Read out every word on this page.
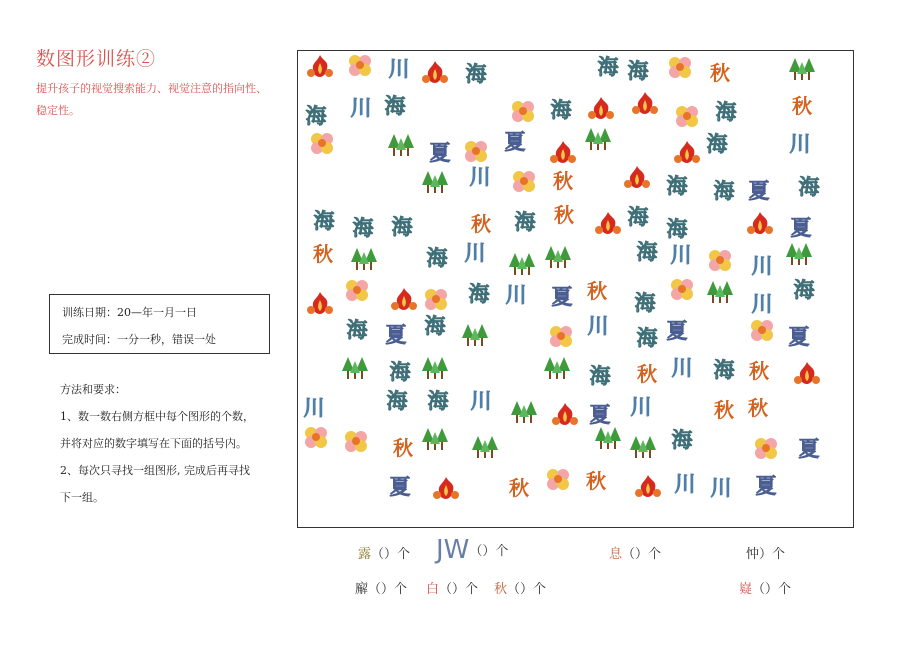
数图形训练②
提升孩子的视觉搜索能力、视觉注意的指向性、稳定性。
训练日期：20—年一月一日
完成时间：一分一秒，错误一处
方法和要求：
1、数一数右侧方框中每个图形的个数，
并将对应的数字填写在下面的括号内。
2、每次只寻找一组图形, 完成后再寻找
下一组。
川	海	海 海	秋
海 川 海	海	海	秋
夏	夏	海	川
川	秋	海 海 夏 海
海 海 海	秋 海 秋	海 海	夏
秋	海 川	海 川	川
海 川 夏 秋 海	川
海
海 夏 海	川 海 夏	夏
海	海 秋 川 海 秋
川	海 海 川
夏 川	秋 秋
秋	海	夏
夏	秋	秋	川 川 夏
露（）个 JW（）个	息（）个	忡）个
廨（）个 白（）个 秋（）个	嶷（）个
